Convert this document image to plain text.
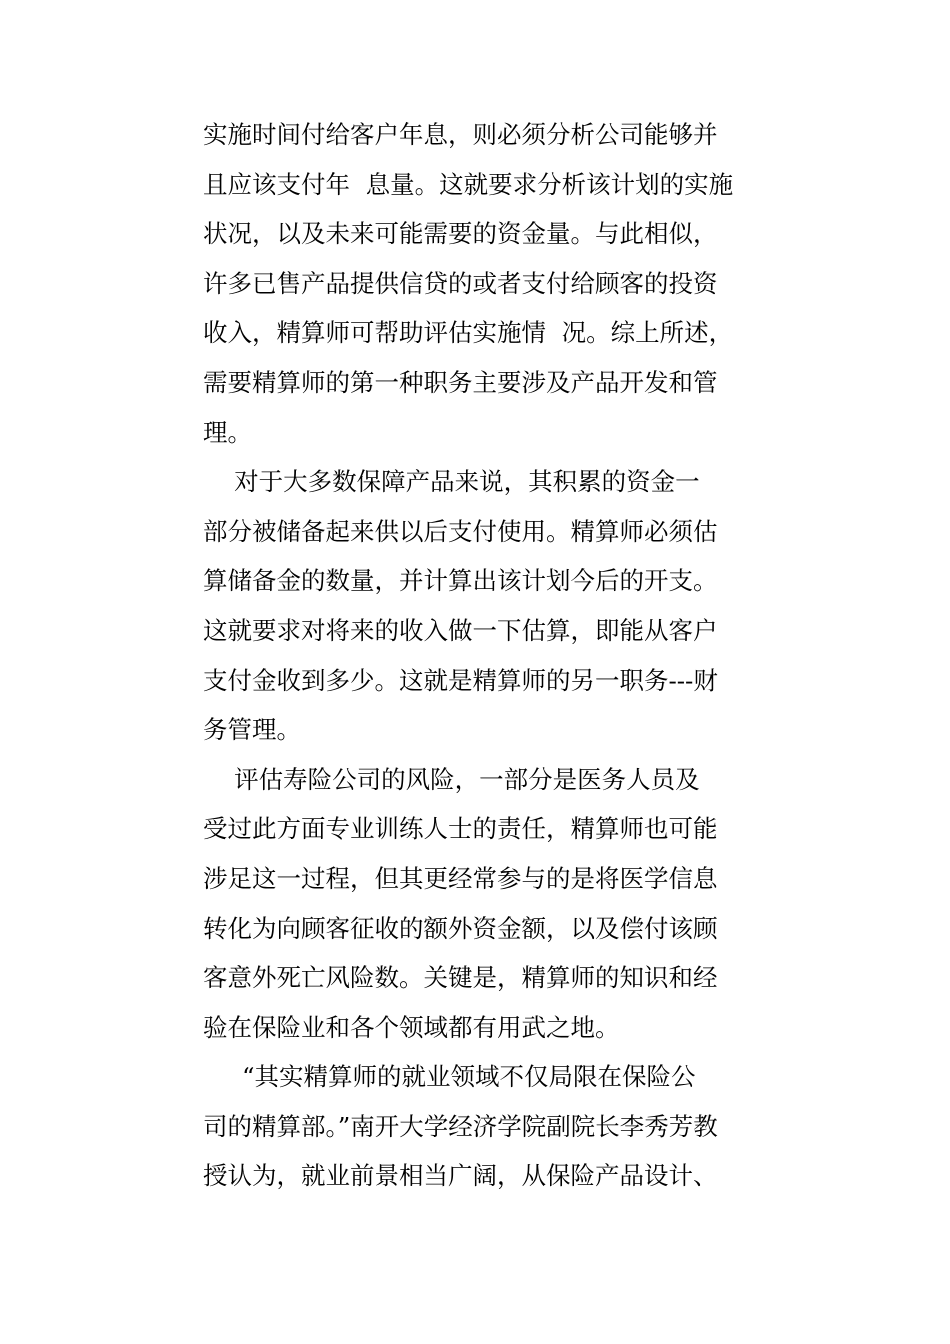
实施时间付给客户年息，则必须分析公司能够并
且应该支付年  息量。这就要求分析该计划的实施
状况，以及未来可能需要的资金量。与此相似，
许多已售产品提供信贷的或者支付给顾客的投资
收入，精算师可帮助评估实施情  况。综上所述，
需要精算师的第一种职务主要涉及产品开发和管
理。
对于大多数保障产品来说，其积累的资金一
部分被储备起来供以后支付使用。精算师必须估
算储备金的数量，并计算出该计划今后的开支。
这就要求对将来的收入做一下估算，即能从客户
支付金收到多少。这就是精算师的另一职务---财
务管理。
评估寿险公司的风险，一部分是医务人员及
受过此方面专业训练人士的责任，精算师也可能
涉足这一过程，但其更经常参与的是将医学信息
转化为向顾客征收的额外资金额，以及偿付该顾
客意外死亡风险数。关键是，精算师的知识和经
验在保险业和各个领域都有用武之地。
“其实精算师的就业领域不仅局限在保险公
司的精算部。”南开大学经济学院副院长李秀芳教
授认为，就业前景相当广阔，从保险产品设计、
